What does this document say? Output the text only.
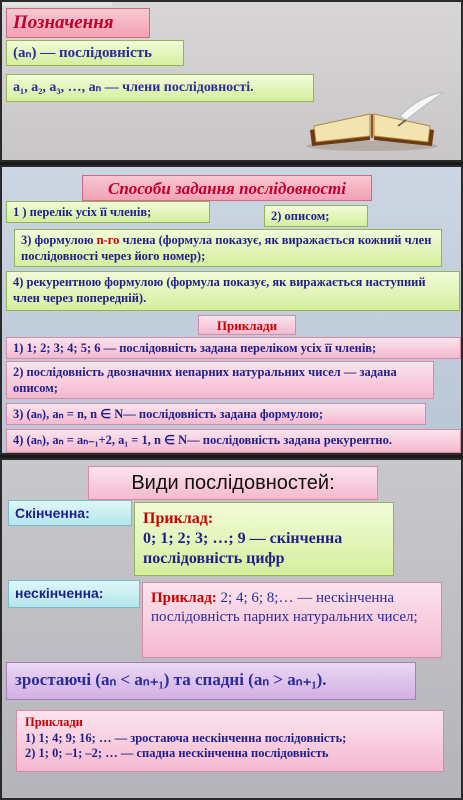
Позначення
(aₙ) — послідовність
a₁, a₂, a₃, …, aₙ — члени послідовності.
Способи задання послідовності
1 ) перелік усіх її членів;	2) описом;
3) формулою n-го члена (формула показує, як виражається кожний член послідовності через його номер);
4) рекурентною формулою (формула показує, як виражається наступний член через попередній).
Приклади
1) 1; 2; 3; 4; 5; 6 — послідовність задана переліком усіх її членів;
2) послідовність двозначних непарних натуральних чисел — задана описом;
3) (aₙ), aₙ = n, n ∈ N— послідовність задана формулою;
4) (aₙ), aₙ = aₙ₋₁+2, a₁ = 1, n ∈ N— послідовність задана рекурентно.
Види послідовностей:
Скінченна:	Приклад:
0; 1; 2; 3; …; 9 — скінченна послідовність цифр
нескінченна:	Приклад: 2; 4; 6; 8;… — нескінченна послідовність парних натуральних чисел;
зростаючі (aₙ < aₙ₊₁) та спадні (aₙ > aₙ₊₁).
Приклади
1) 1; 4; 9; 16; … — зростаюча нескінченна послідовність;
2) 1; 0; –1; –2; … — спадна нескінченна послідовність
